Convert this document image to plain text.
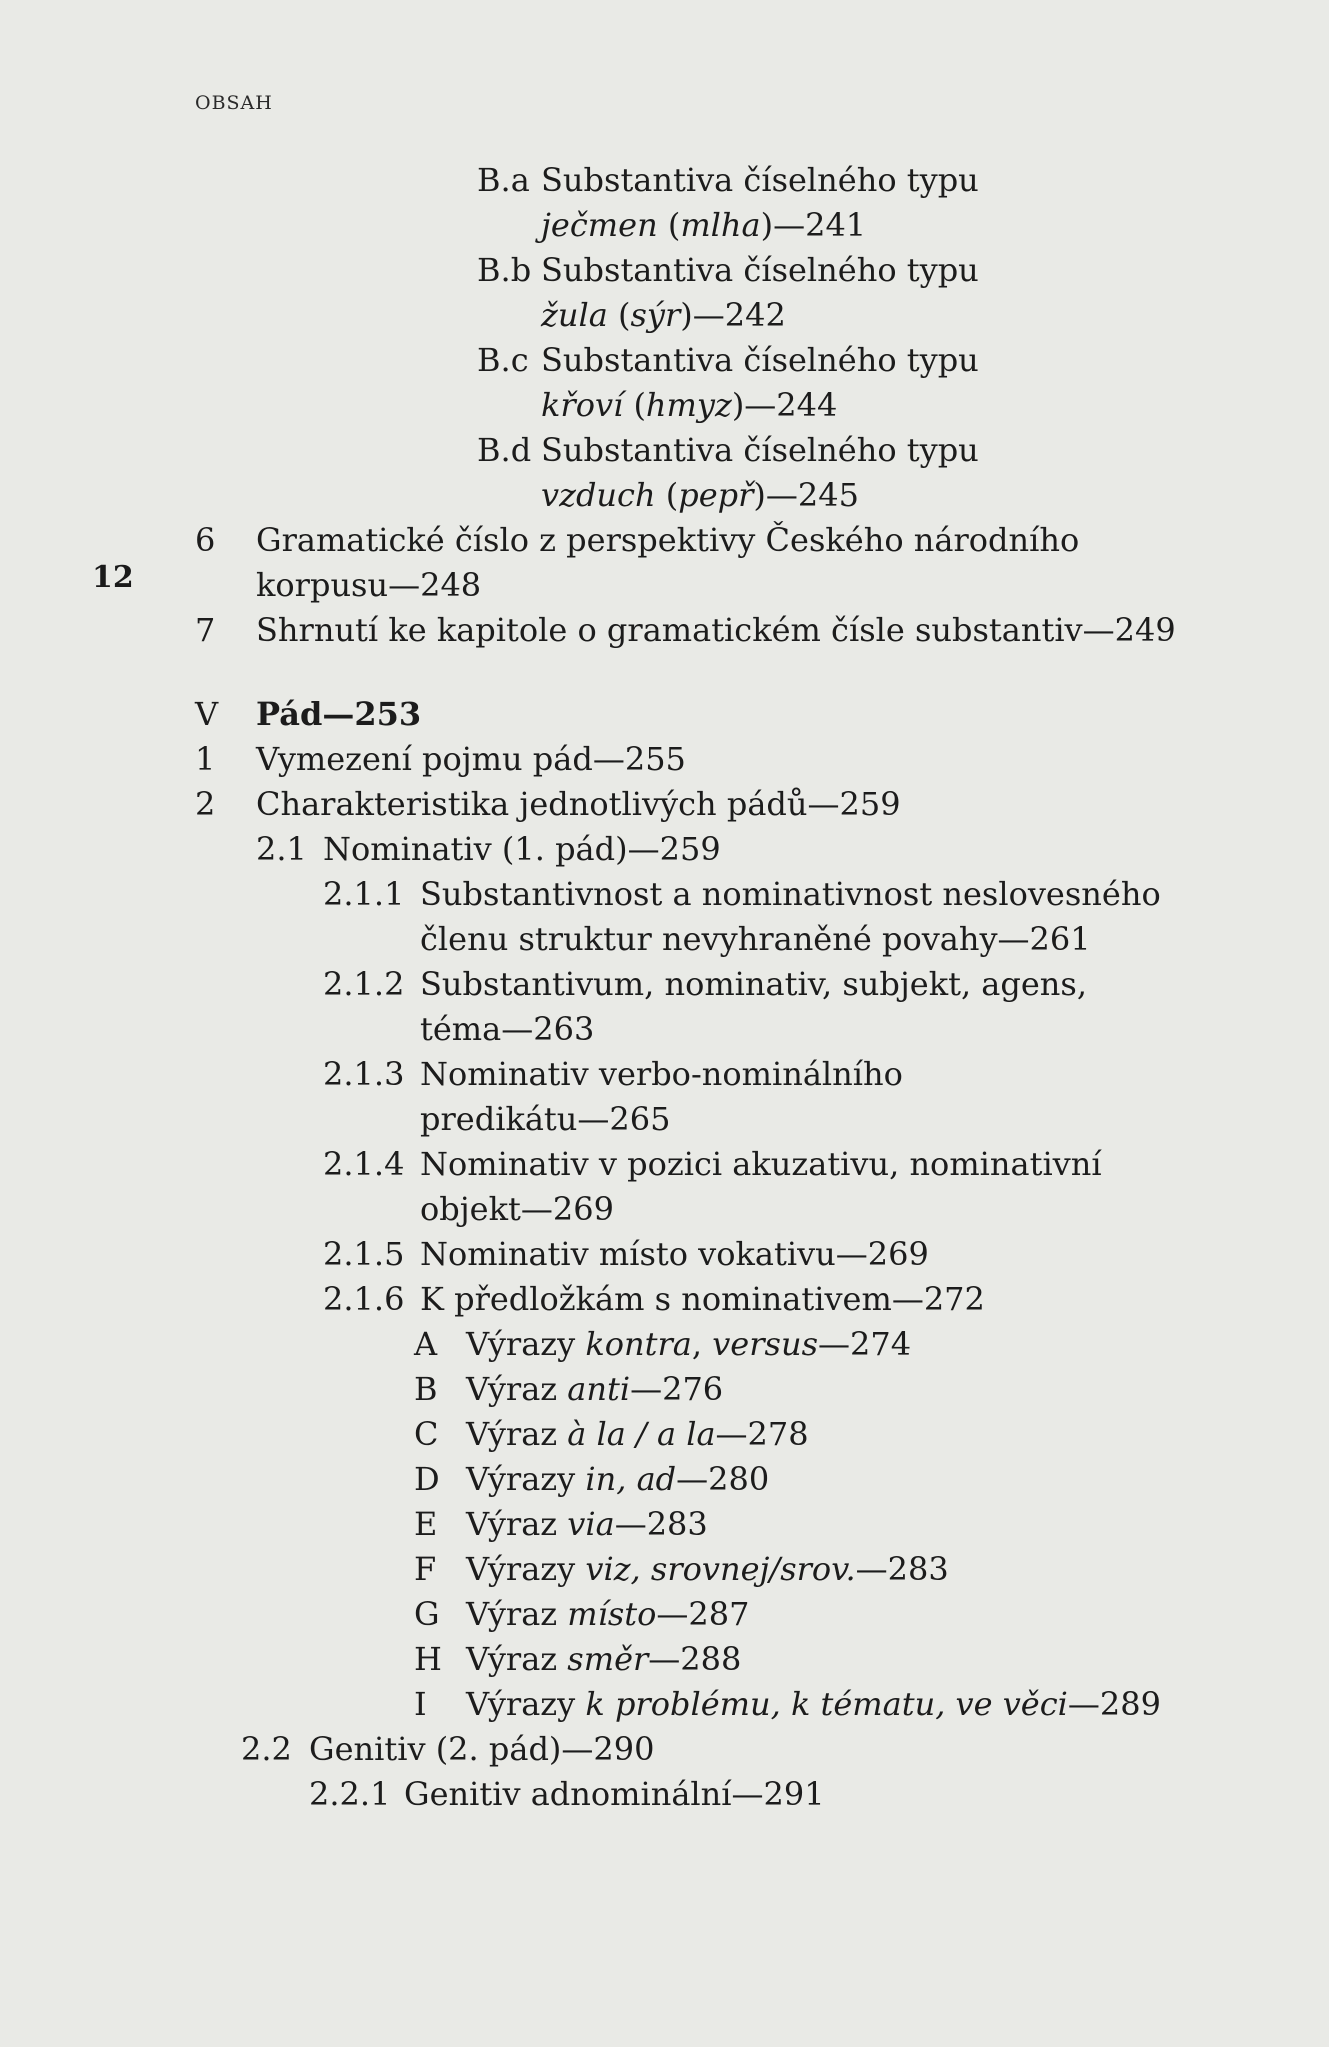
OBSAH
12
B.a Substantiva číselného typu
ječmen (mlha)—241
B.b Substantiva číselného typu
žula (sýr)—242
B.c Substantiva číselného typu
křoví (hmyz)—244
B.d Substantiva číselného typu
vzduch (pepř)—245
6 Gramatické číslo z perspektivy Českého národního
korpusu—248
7 Shrnutí ke kapitole o gramatickém čísle substantiv—249
V Pád—253
1 Vymezení pojmu pád—255
2 Charakteristika jednotlivých pádů—259
2.1 Nominativ (1. pád)—259
2.1.1 Substantivnost a nominativnost neslovesného
členu struktur nevyhraněné povahy—261
2.1.2 Substantivum, nominativ, subjekt, agens,
téma—263
2.1.3 Nominativ verbo-nominálního
predikátu—265
2.1.4 Nominativ v pozici akuzativu, nominativní
objekt—269
2.1.5 Nominativ místo vokativu—269
2.1.6 K předložkám s nominativem—272
A Výrazy kontra, versus—274
B Výraz anti—276
C Výraz à la / a la—278
D Výrazy in, ad—280
E Výraz via—283
F Výrazy viz, srovnej/srov.—283
G Výraz místo—287
H Výraz směr—288
I Výrazy k problému, k tématu, ve věci—289
2.2 Genitiv (2. pád)—290
2.2.1 Genitiv adnominální—291
